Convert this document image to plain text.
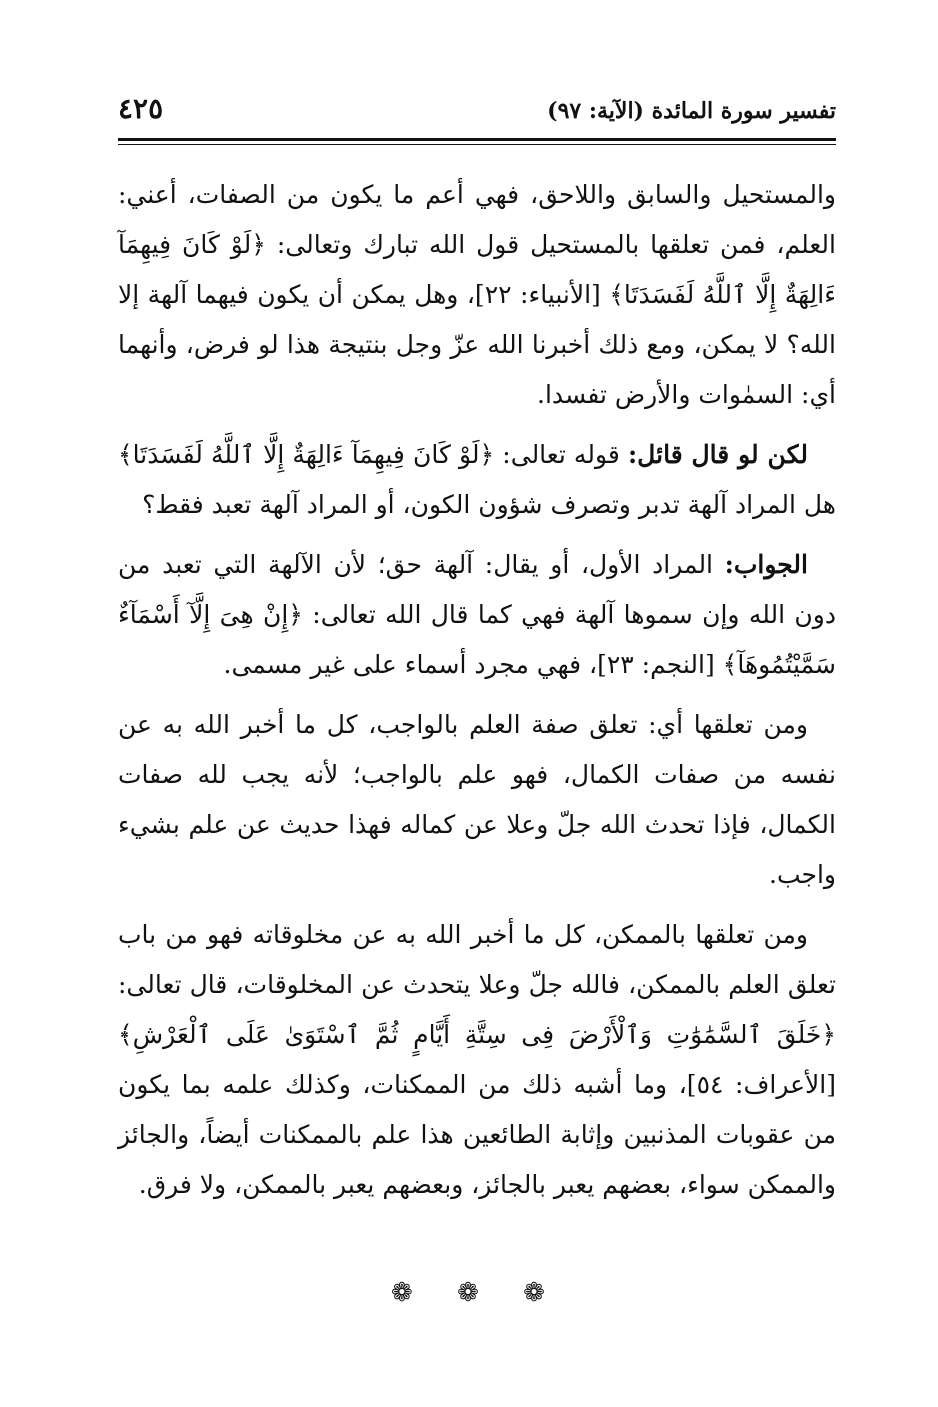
تفسير سورة المائدة (الآية: ٩٧)
٤٢٥

والمستحيل والسابق واللاحق، فهي أعم ما يكون من الصفات، أعني: العلم، فمن تعلقها بالمستحيل قول الله تبارك وتعالى: ﴿لَوْ كَانَ فِيهِمَآ ءَالِهَةٌ إِلَّا ٱللَّهُ لَفَسَدَتَا﴾ [الأنبياء: ٢٢]، وهل يمكن أن يكون فيهما آلهة إلا الله؟ لا يمكن، ومع ذلك أخبرنا الله عزّ وجل بنتيجة هذا لو فرض، وأنهما أي: السمٰوات والأرض تفسدا.

لكن لو قال قائل: قوله تعالى: ﴿لَوْ كَانَ فِيهِمَآ ءَالِهَةٌ إِلَّا ٱللَّهُ لَفَسَدَتَا﴾ هل المراد آلهة تدبر وتصرف شؤون الكون، أو المراد آلهة تعبد فقط؟

الجواب: المراد الأول، أو يقال: آلهة حق؛ لأن الآلهة التي تعبد من دون الله وإن سموها آلهة فهي كما قال الله تعالى: ﴿إِنْ هِىَ إِلَّآ أَسْمَآءٌ سَمَّيْتُمُوهَآ﴾ [النجم: ٢٣]، فهي مجرد أسماء على غير مسمى.

ومن تعلقها أي: تعلق صفة العلم بالواجب، كل ما أخبر الله به عن نفسه من صفات الكمال، فهو علم بالواجب؛ لأنه يجب لله صفات الكمال، فإذا تحدث الله جلّ وعلا عن كماله فهذا حديث عن علم بشيء واجب.

ومن تعلقها بالممكن، كل ما أخبر الله به عن مخلوقاته فهو من باب تعلق العلم بالممكن، فالله جلّ وعلا يتحدث عن المخلوقات، قال تعالى: ﴿خَلَقَ ٱلسَّمَٰوَٰتِ وَٱلْأَرْضَ فِى سِتَّةِ أَيَّامٍ ثُمَّ ٱسْتَوَىٰ عَلَى ٱلْعَرْشِ﴾ [الأعراف: ٥٤]، وما أشبه ذلك من الممكنات، وكذلك علمه بما يكون من عقوبات المذنبين وإثابة الطائعين هذا علم بالممكنات أيضاً، والجائز والممكن سواء، بعضهم يعبر بالجائز، وبعضهم يعبر بالممكن، ولا فرق.

❁ ❁ ❁
